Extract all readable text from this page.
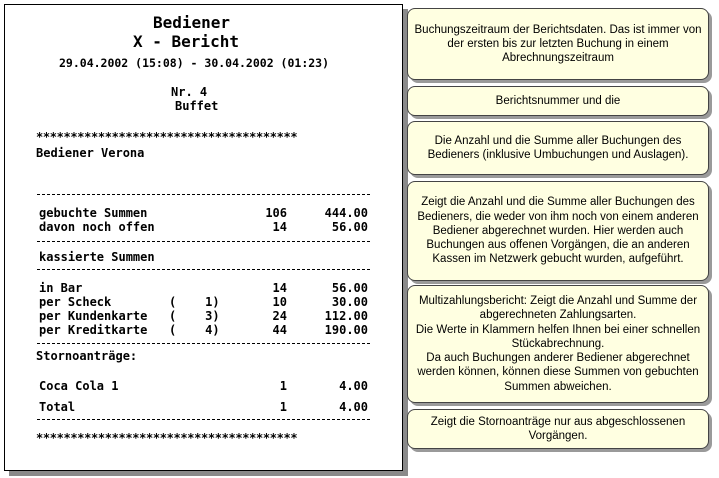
Bediener
X - Bericht
29.04.2002 (15:08) - 30.04.2002 (01:23)
Nr. 4
Buffet
**************************************
Bediener Verona
gebuchte Summen	106	444.00
davon noch offen	14	56.00
kassierte Summen
in Bar	14	56.00
per Scheck	(    1)	10	30.00
per Kundenkarte (    3)	24	112.00
per Kreditkarte (    4)	44	190.00
Stornoanträge:
Coca Cola 1	1	4.00
Total	1	4.00
**************************************
Buchungszeitraum der Berichtsdaten. Das ist immer von der ersten bis zur letzten Buchung in einem Abrechnungszeitraum
Berichtsnummer und die
Die Anzahl und die Summe aller Buchungen des Bedieners (inklusive Umbuchungen und Auslagen).
Zeigt die Anzahl und die Summe aller Buchungen des Bedieners, die weder von ihm noch von einem anderen Bediener abgerechnet wurden. Hier werden auch Buchungen aus offenen Vorgängen, die an anderen Kassen im Netzwerk gebucht wurden, aufgeführt.
Multizahlungsbericht: Zeigt die Anzahl und Summe der abgerechneten Zahlungsarten.
Die Werte in Klammern helfen Ihnen bei einer schnellen Stückabrechnung.
Da auch Buchungen anderer Bediener abgerechnet werden können, können diese Summen von gebuchten Summen abweichen.
Zeigt die Stornoanträge nur aus abgeschlossenen Vorgängen.
